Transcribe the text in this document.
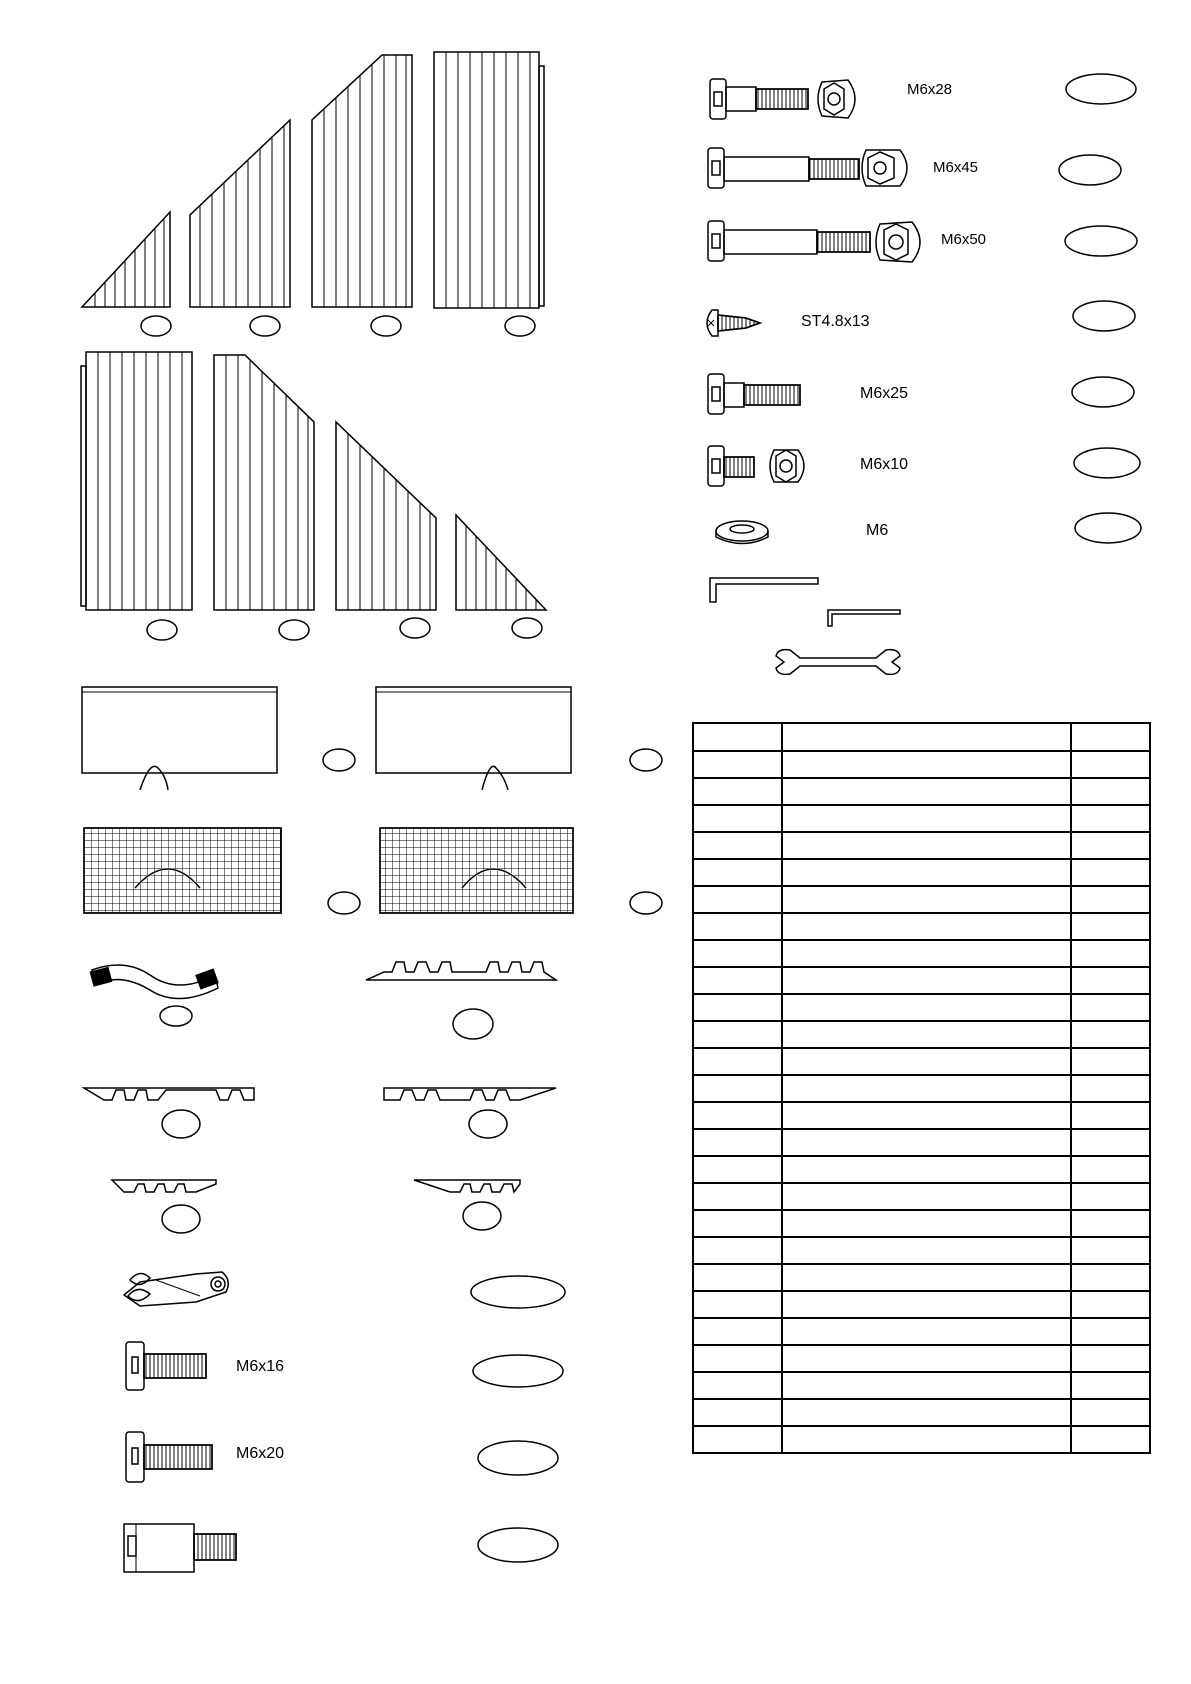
M6x28
M6x45
M6x50
ST4.8x13
M6x25
M6x10
M6
M6x16
M6x20
